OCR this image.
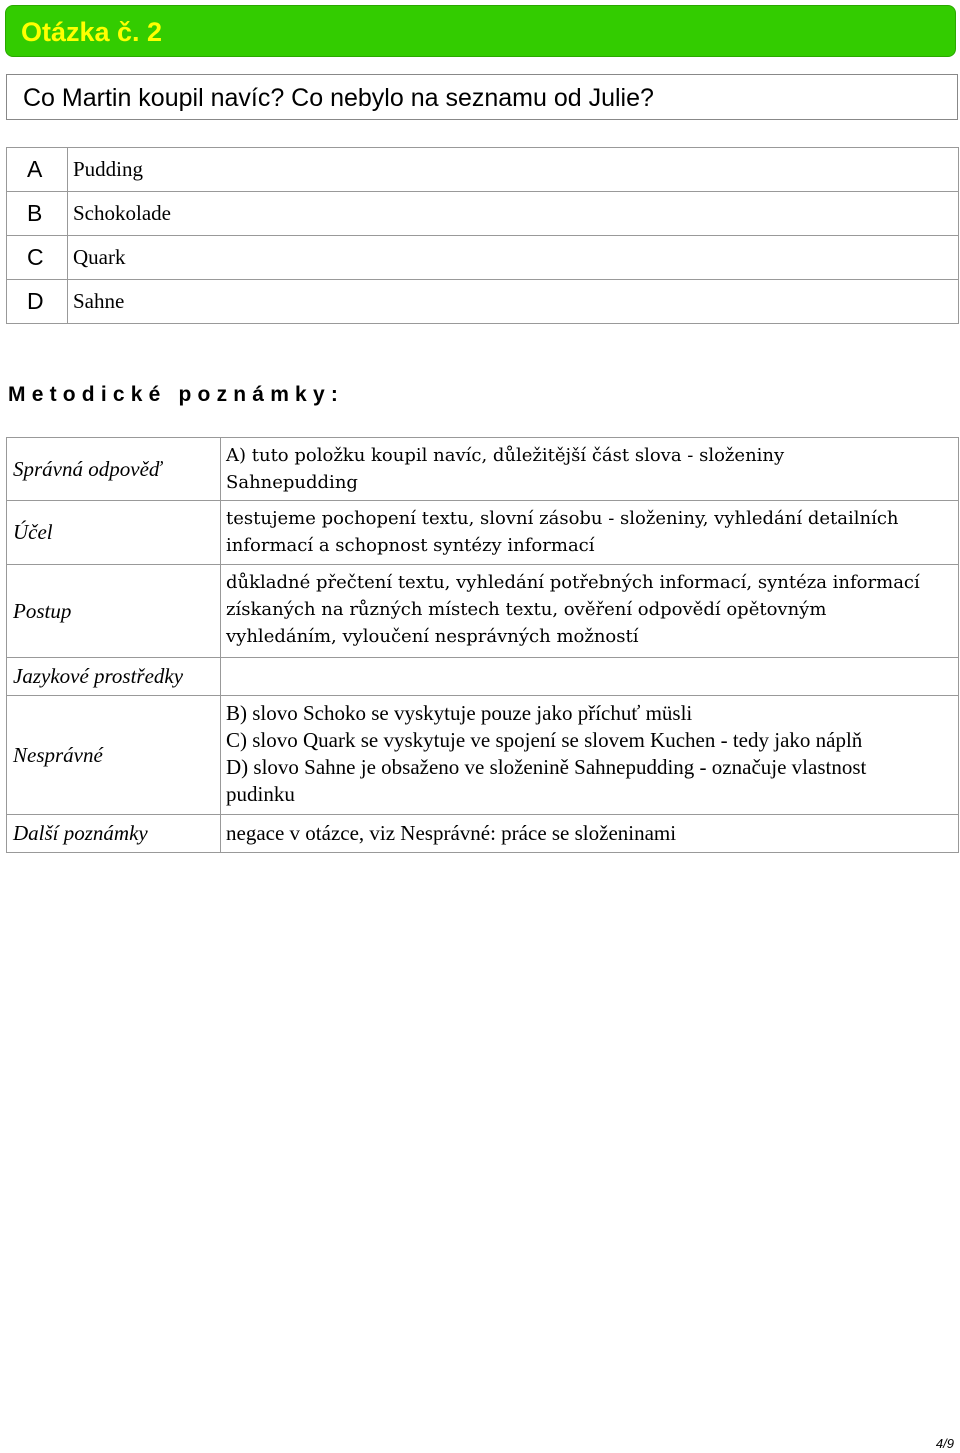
Otázka č. 2
Co Martin koupil navíc? Co nebylo na seznamu od Julie?
A	Pudding
B	Schokolade
C	Quark
D	Sahne
Metodické poznámky:
Správná odpověď	A) tuto položku koupil navíc, důležitější část slova - složeniny
Sahnepudding

Účel	testujeme pochopení textu, slovní zásobu - složeniny, vyhledání detailních
informací a schopnost syntézy informací

Postup	důkladné přečtení textu, vyhledání potřebných informací, syntéza informací
získaných na různých místech textu, ověření odpovědí opětovným
vyhledáním, vyloučení nesprávných možností

Jazykové prostředky	
Nesprávné	B) slovo Schoko se vyskytuje pouze jako příchuť müsli
C) slovo Quark se vyskytuje ve spojení se slovem Kuchen - tedy jako náplň
D) slovo Sahne je obsaženo ve složenině Sahnepudding - označuje vlastnost
pudinku

Další poznámky	negace v otázce, viz Nesprávné: práce se složeninami
4/9
